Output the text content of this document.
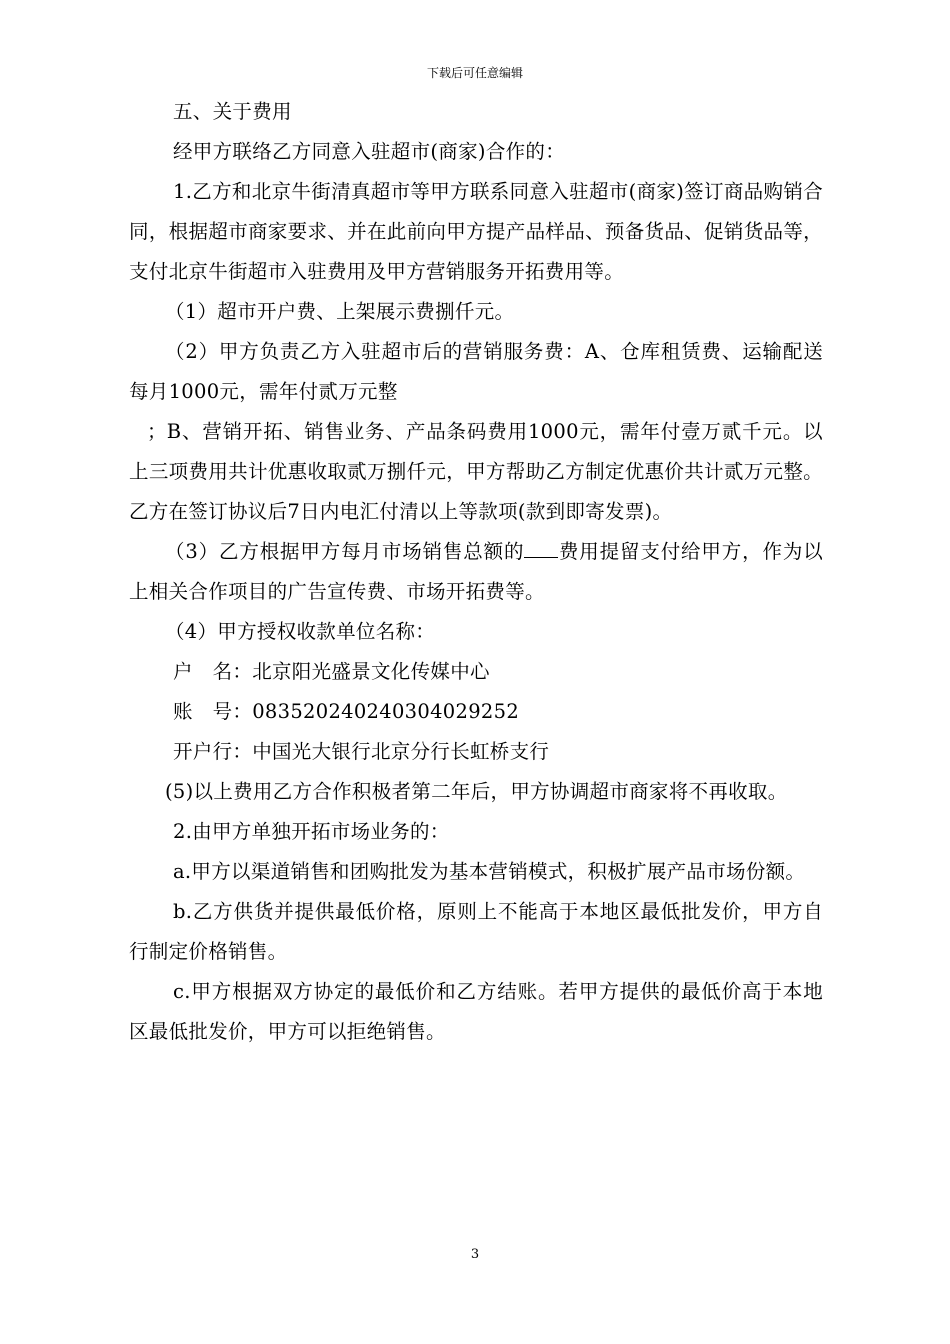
下载后可任意编辑

五、关于费用

经甲方联络乙方同意入驻超市(商家)合作的：

1.乙方和北京牛街清真超市等甲方联系同意入驻超市(商家)签订商品购销合同，根据超市商家要求、并在此前向甲方提产品样品、预备货品、促销货品等，支付北京牛街超市入驻费用及甲方营销服务开拓费用等。

（1）超市开户费、上架展示费捌仟元。

（2）甲方负责乙方入驻超市后的营销服务费：A、仓库租赁费、运输配送每月1000元，需年付贰万元整

；B、营销开拓、销售业务、产品条码费用1000元，需年付壹万贰千元。以上三项费用共计优惠收取贰万捌仟元，甲方帮助乙方制定优惠价共计贰万元整。乙方在签订协议后7日内电汇付清以上等款项(款到即寄发票)。

（3）乙方根据甲方每月市场销售总额的 费用提留支付给甲方，作为以上相关合作项目的广告宣传费、市场开拓费等。

（4）甲方授权收款单位名称：

户　名：北京阳光盛景文化传媒中心

账　号：08352024024030402925​2

开户行：中国光大银行北京分行长虹桥支行

(5)以上费用乙方合作积极者第二年后，甲方协调超市商家将不再收取。

2.由甲方单独开拓市场业务的：

a.甲方以渠道销售和团购批发为基本营销模式，积极扩展产品市场份额。

b.乙方供货并提供最低价格，原则上不能高于本地区最低批发价，甲方自行制定价格销售。

c.甲方根据双方协定的最低价和乙方结账。若甲方提供的最低价高于本地区最低批发价，甲方可以拒绝销售。

3
